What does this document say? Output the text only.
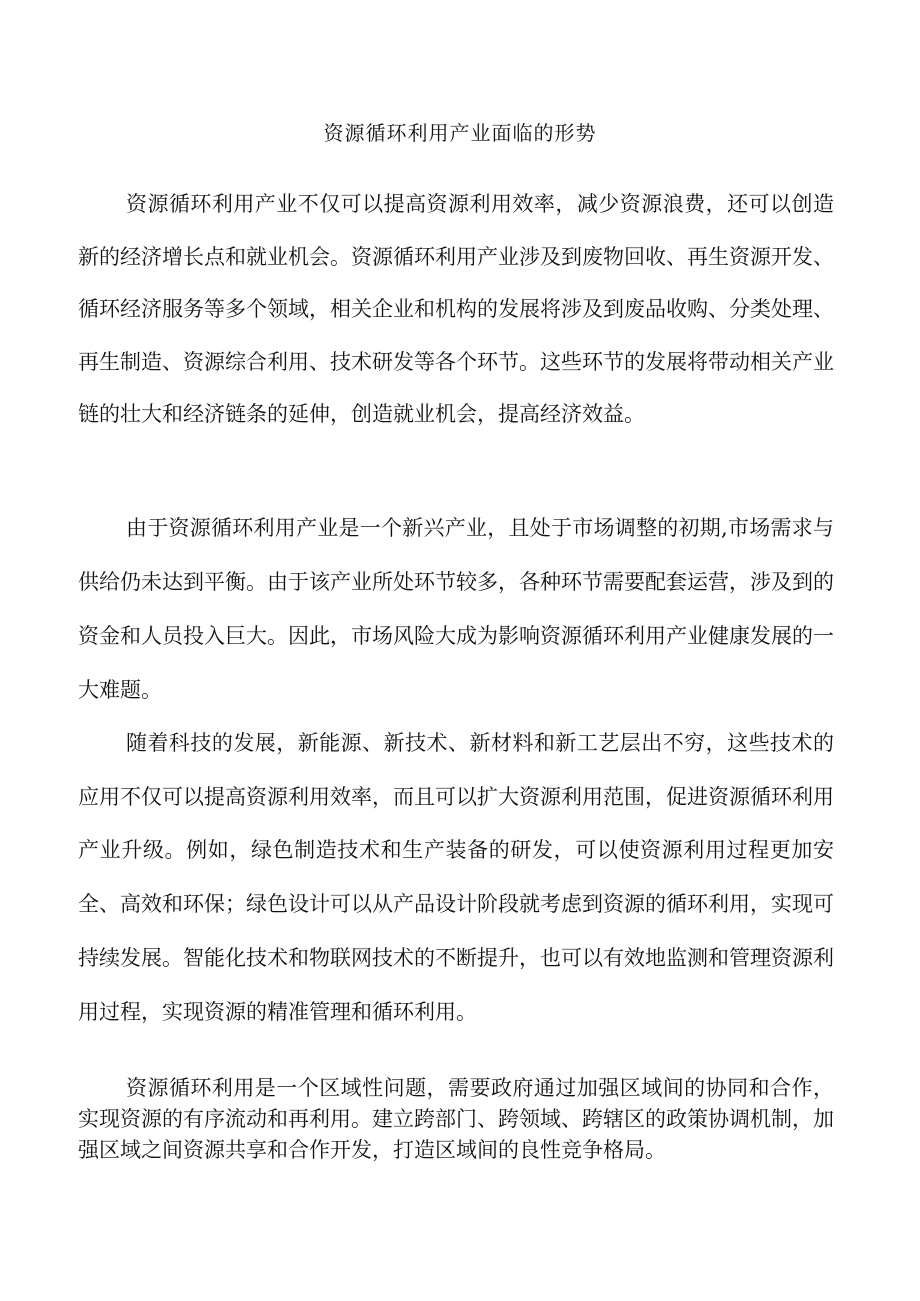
资源循环利用产业面临的形势

资源循环利用产业不仅可以提高资源利用效率，减少资源浪费，还可以创造新的经济增长点和就业机会。资源循环利用产业涉及到废物回收、再生资源开发、循环经济服务等多个领域，相关企业和机构的发展将涉及到废品收购、分类处理、再生制造、资源综合利用、技术研发等各个环节。这些环节的发展将带动相关产业链的壮大和经济链条的延伸，创造就业机会，提高经济效益。

由于资源循环利用产业是一个新兴产业，且处于市场调整的初期,市场需求与供给仍未达到平衡。由于该产业所处环节较多，各种环节需要配套运营，涉及到的资金和人员投入巨大。因此，市场风险大成为影响资源循环利用产业健康发展的一大难题。

随着科技的发展，新能源、新技术、新材料和新工艺层出不穷，这些技术的应用不仅可以提高资源利用效率，而且可以扩大资源利用范围，促进资源循环利用产业升级。例如，绿色制造技术和生产装备的研发，可以使资源利用过程更加安全、高效和环保；绿色设计可以从产品设计阶段就考虑到资源的循环利用，实现可持续发展。智能化技术和物联网技术的不断提升，也可以有效地监测和管理资源利用过程，实现资源的精准管理和循环利用。

资源循环利用是一个区域性问题，需要政府通过加强区域间的协同和合作，实现资源的有序流动和再利用。建立跨部门、跨领域、跨辖区的政策协调机制，加强区域之间资源共享和合作开发，打造区域间的良性竞争格局。
